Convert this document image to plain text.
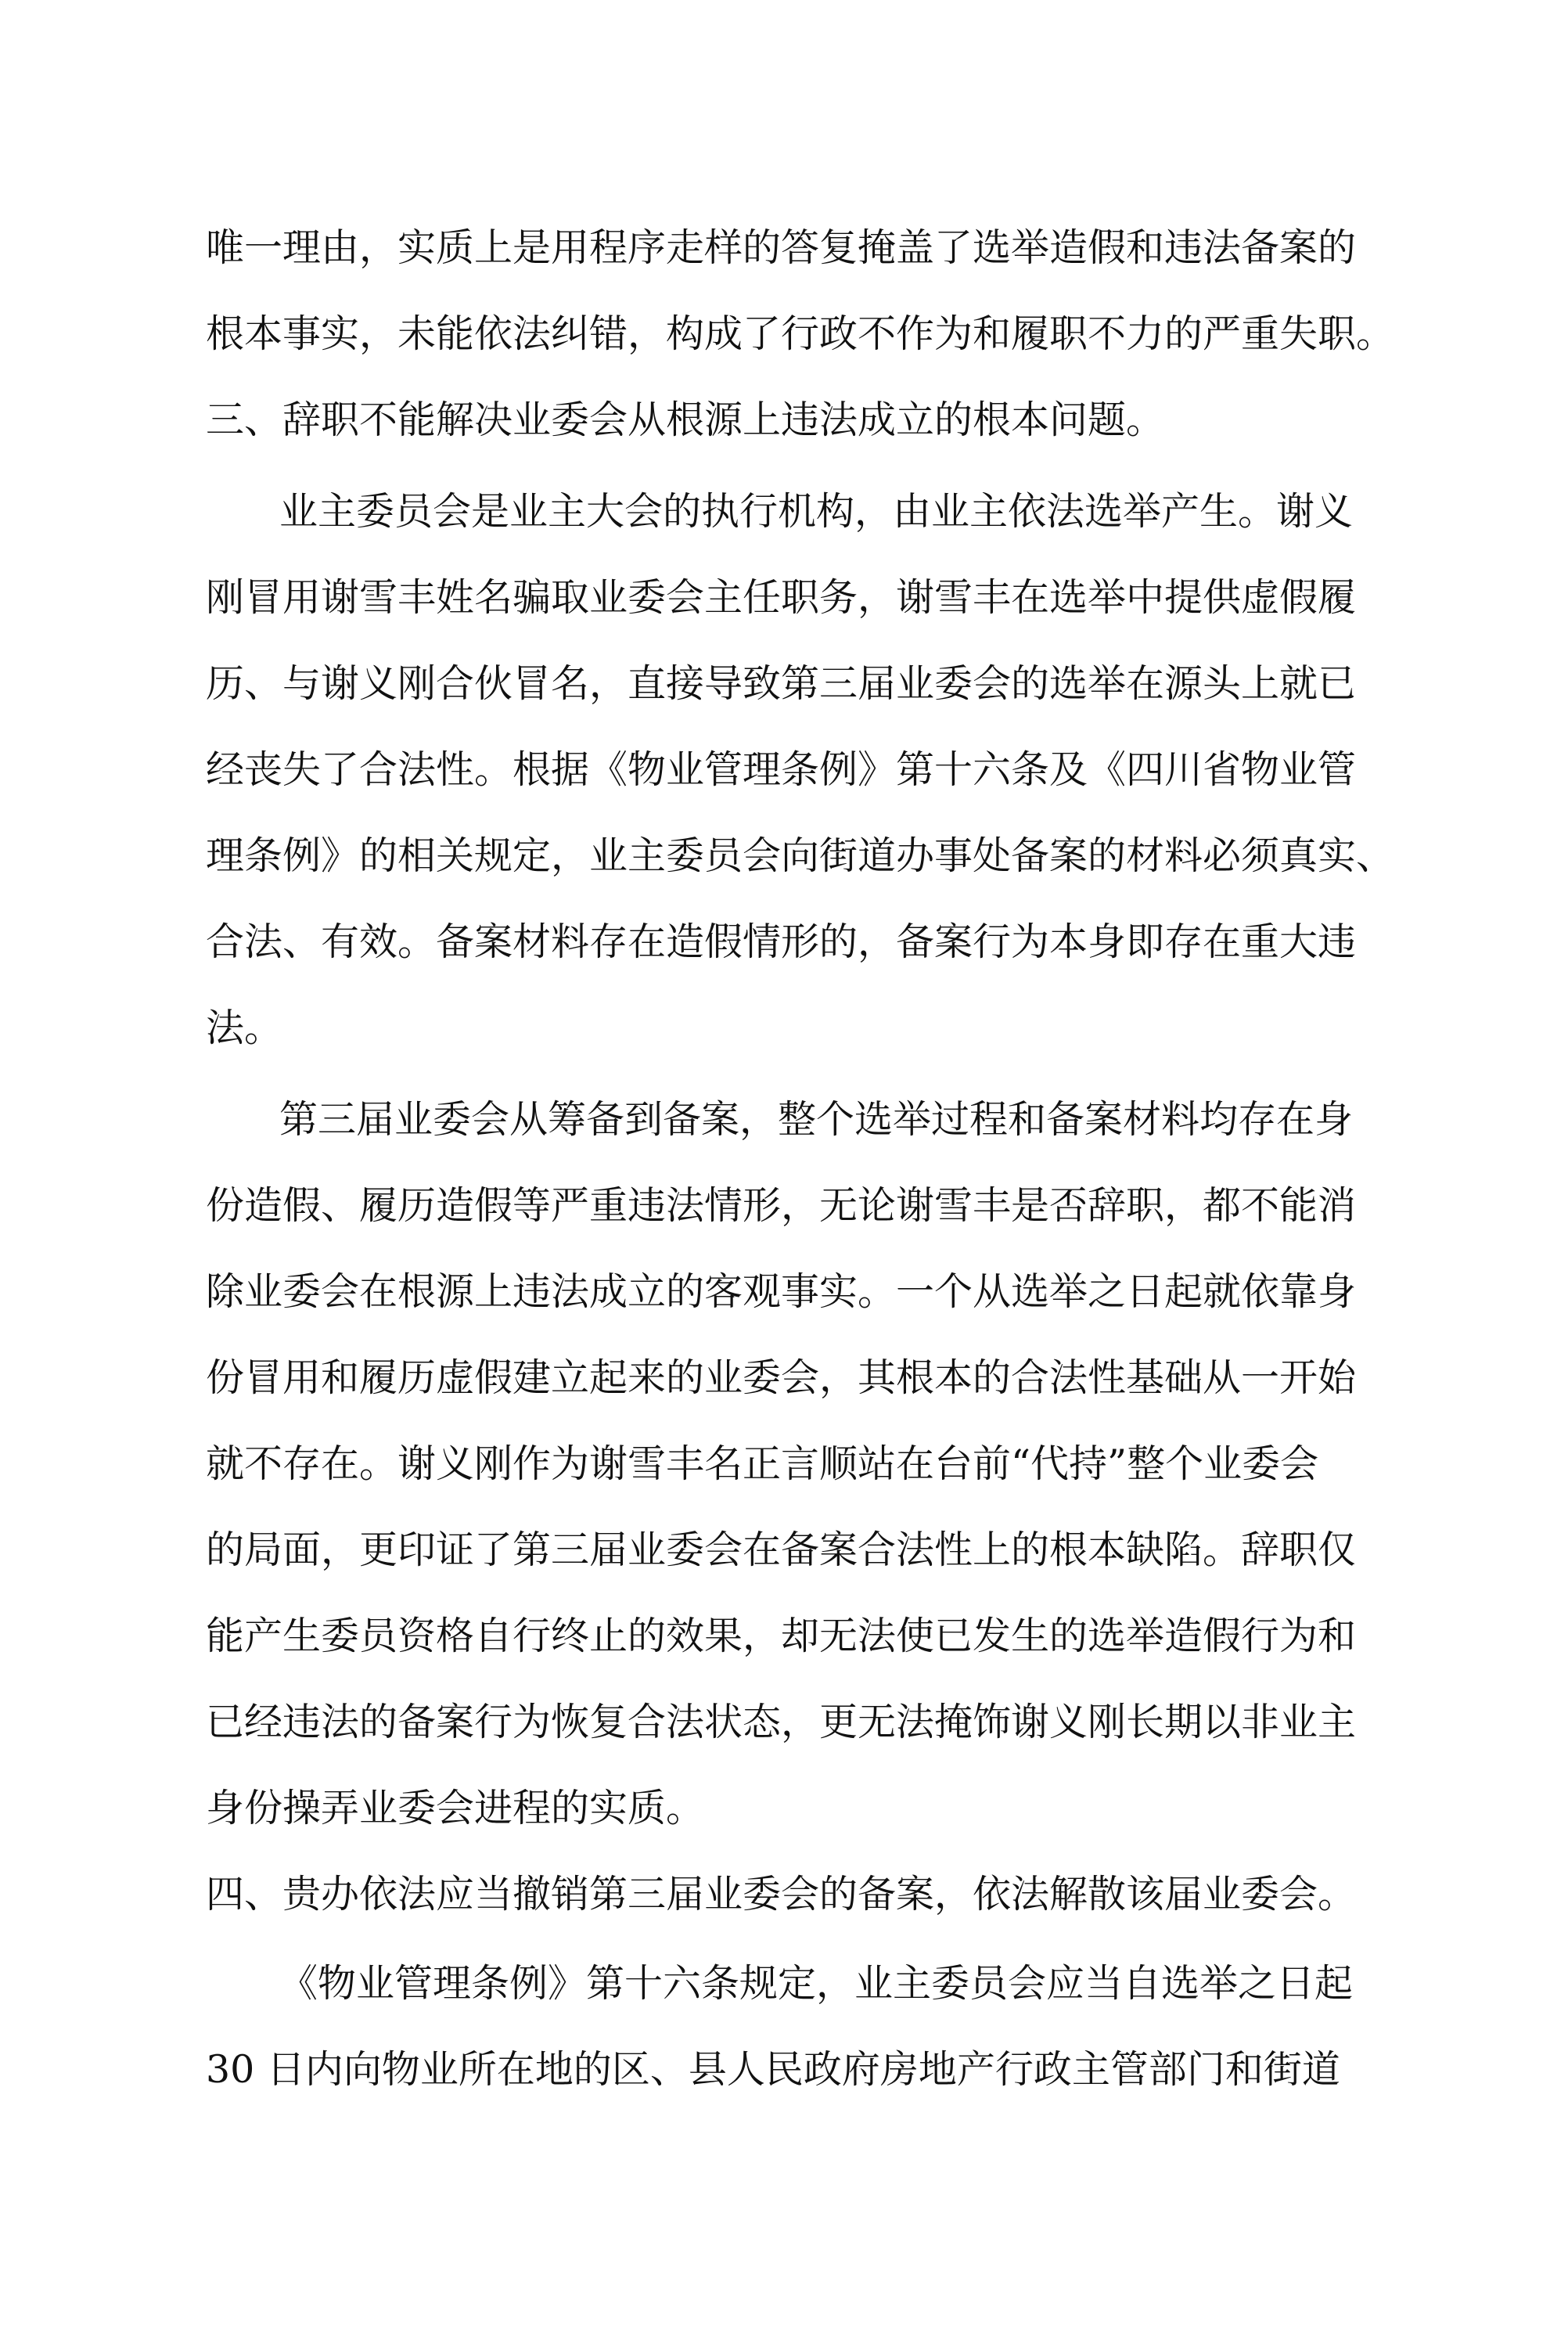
唯一理由，实质上是用程序走样的答复掩盖了选举造假和违法备案的
根本事实，未能依法纠错，构成了行政不作为和履职不力的严重失职。
三、辞职不能解决业委会从根源上违法成立的根本问题。
业主委员会是业主大会的执行机构，由业主依法选举产生。谢义
刚冒用谢雪丰姓名骗取业委会主任职务，谢雪丰在选举中提供虚假履
历、与谢义刚合伙冒名，直接导致第三届业委会的选举在源头上就已
经丧失了合法性。根据《物业管理条例》第十六条及《四川省物业管
理条例》的相关规定，业主委员会向街道办事处备案的材料必须真实、
合法、有效。备案材料存在造假情形的，备案行为本身即存在重大违
法。
第三届业委会从筹备到备案，整个选举过程和备案材料均存在身
份造假、履历造假等严重违法情形，无论谢雪丰是否辞职，都不能消
除业委会在根源上违法成立的客观事实。一个从选举之日起就依靠身
份冒用和履历虚假建立起来的业委会，其根本的合法性基础从一开始
就不存在。谢义刚作为谢雪丰名正言顺站在台前“代持”整个业委会
的局面，更印证了第三届业委会在备案合法性上的根本缺陷。辞职仅
能产生委员资格自行终止的效果，却无法使已发生的选举造假行为和
已经违法的备案行为恢复合法状态，更无法掩饰谢义刚长期以非业主
身份操弄业委会进程的实质。
四、贵办依法应当撤销第三届业委会的备案，依法解散该届业委会。
《物业管理条例》第十六条规定，业主委员会应当自选举之日起
30 日内向物业所在地的区、县人民政府房地产行政主管部门和街道
